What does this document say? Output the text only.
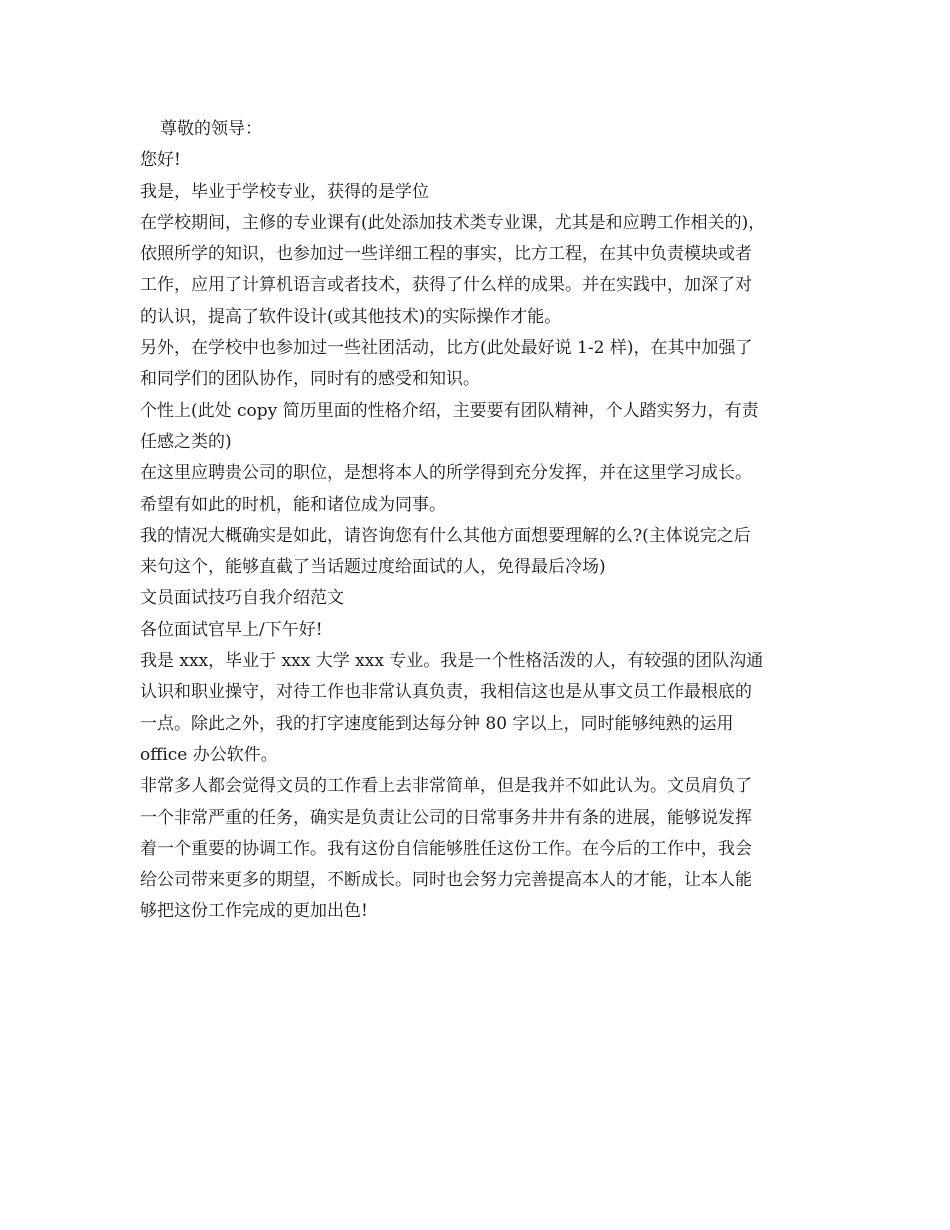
尊敬的领导：

您好!

我是，毕业于学校专业，获得的是学位

在学校期间，主修的专业课有(此处添加技术类专业课，尤其是和应聘工作相关的)，

依照所学的知识，也参加过一些详细工程的事实，比方工程，在其中负责模块或者

工作，应用了计算机语言或者技术，获得了什么样的成果。并在实践中，加深了对

的认识，提高了软件设计(或其他技术)的实际操作才能。

另外，在学校中也参加过一些社团活动，比方(此处最好说 1-2 样)，在其中加强了

和同学们的团队协作，同时有的感受和知识。

个性上(此处 copy 简历里面的性格介绍，主要要有团队精神，个人踏实努力，有责

任感之类的)

在这里应聘贵公司的职位，是想将本人的所学得到充分发挥，并在这里学习成长。

希望有如此的时机，能和诸位成为同事。

我的情况大概确实是如此，请咨询您有什么其他方面想要理解的么?(主体说完之后

来句这个，能够直截了当话题过度给面试的人，免得最后冷场)

文员面试技巧自我介绍范文

各位面试官早上/下午好!

我是 xxx，毕业于 xxx 大学 xxx 专业。我是一个性格活泼的人，有较强的团队沟通

认识和职业操守，对待工作也非常认真负责，我相信这也是从事文员工作最根底的

一点。除此之外，我的打字速度能到达每分钟 80 字以上，同时能够纯熟的运用

office 办公软件。

非常多人都会觉得文员的工作看上去非常简单，但是我并不如此认为。文员肩负了

一个非常严重的任务，确实是负责让公司的日常事务井井有条的进展，能够说发挥

着一个重要的协调工作。我有这份自信能够胜任这份工作。在今后的工作中，我会

给公司带来更多的期望，不断成长。同时也会努力完善提高本人的才能，让本人能

够把这份工作完成的更加出色!
